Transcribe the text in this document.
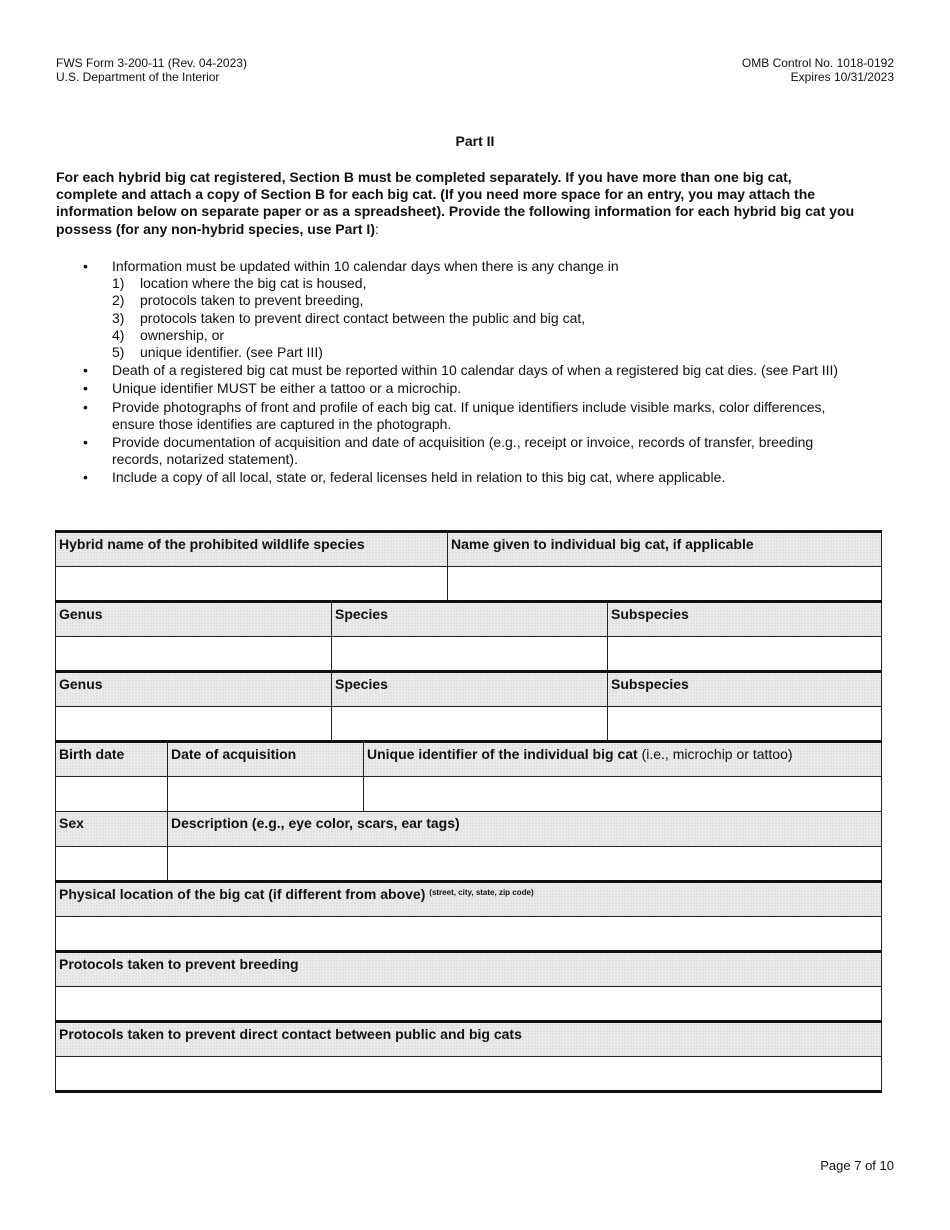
FWS Form 3-200-11 (Rev. 04-2023)
U.S. Department of the Interior
OMB Control No. 1018-0192
Expires 10/31/2023
Part II
For each hybrid big cat registered, Section B must be completed separately. If you have more than one big cat, complete and attach a copy of Section B for each big cat. (If you need more space for an entry, you may attach the information below on separate paper or as a spreadsheet). Provide the following information for each hybrid big cat you possess (for any non-hybrid species, use Part I):
• Information must be updated within 10 calendar days when there is any change in
1)	location where the big cat is housed,
2)	protocols taken to prevent breeding,
3)	protocols taken to prevent direct contact between the public and big cat,
4)	ownership, or
5)	unique identifier. (see Part III)
• Death of a registered big cat must be reported within 10 calendar days of when a registered big cat dies. (see Part III)
• Unique identifier MUST be either a tattoo or a microchip.
• Provide photographs of front and profile of each big cat. If unique identifiers include visible marks, color differences, ensure those identifies are captured in the photograph.
• Provide documentation of acquisition and date of acquisition (e.g., receipt or invoice, records of transfer, breeding records, notarized statement).
• Include a copy of all local, state or, federal licenses held in relation to this big cat, where applicable.
Hybrid name of the prohibited wildlife species				Name given to individual big cat, if applicable	

Genus		Species			Subspecies

Genus		Species			Subspecies

Birth date	Date of acquisition		Unique identifier of the individual big cat (i.e., microchip or tattoo)		

Sex	Description (e.g., eye color, scars, ear tags)				

Physical location of the big cat (if different from above) $^{(street, city, state, zip code)}$

Protocols taken to prevent breeding					

Protocols taken to prevent direct contact between public and big cats					

Page 7 of 10
